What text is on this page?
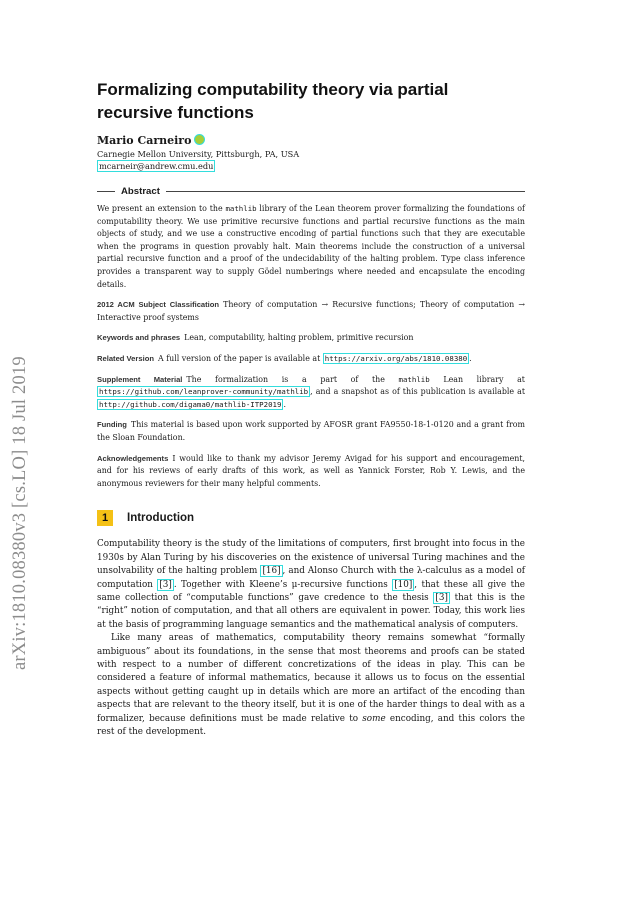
arXiv:1810.08380v3 [cs.LO] 18 Jul 2019
Formalizing computability theory via partial recursive functions
Mario Carneiro
Carnegie Mellon University, Pittsburgh, PA, USA
mcarneir@andrew.cmu.edu
Abstract

We present an extension to the mathlib library of the Lean theorem prover formalizing the foundations of computability theory. We use primitive recursive functions and partial recursive functions as the main objects of study, and we use a constructive encoding of partial functions such that they are executable when the programs in question provably halt. Main theorems include the construction of a universal partial recursive function and a proof of the undecidability of the halting problem. Type class inference provides a transparent way to supply Gödel numberings where needed and encapsulate the encoding details.

2012 ACM Subject Classification Theory of computation → Recursive functions; Theory of computation → Interactive proof systems

Keywords and phrases Lean, computability, halting problem, primitive recursion

Related Version A full version of the paper is available at https://arxiv.org/abs/1810.08380 .

Supplement Material The formalization is a part of the mathlib Lean library at https://github.com/leanprover-community/mathlib , and a snapshot as of this publication is available at http://github.com/digama0/mathlib-ITP2019 .

Funding This material is based upon work supported by AFOSR grant FA9550-18-1-0120 and a grant from the Sloan Foundation.

Acknowledgements I would like to thank my advisor Jeremy Avigad for his support and encouragement, and for his reviews of early drafts of this work, as well as Yannick Forster, Rob Y. Lewis, and the anonymous reviewers for their many helpful comments.

1	Introduction

Computability theory is the study of the limitations of computers, first brought into focus in the 1930s by Alan Turing by his discoveries on the existence of universal Turing machines and the unsolvability of the halting problem [16] , and Alonso Church with the λ-calculus as a model of computation [3] . Together with Kleene’s μ-recursive functions [10] , that these all give the same collection of “computable functions” gave credence to the thesis [3] that this is the “right” notion of computation, and that all others are equivalent in power. Today, this work lies at the basis of programming language semantics and the mathematical analysis of computers.

Like many areas of mathematics, computability theory remains somewhat “formally ambiguous” about its foundations, in the sense that most theorems and proofs can be stated with respect to a number of different concretizations of the ideas in play. This can be considered a feature of informal mathematics, because it allows us to focus on the essential aspects without getting caught up in details which are more an artifact of the encoding than aspects that are relevant to the theory itself, but it is one of the harder things to deal with as a formalizer, because definitions must be made relative to some encoding, and this colors the rest of the development.
